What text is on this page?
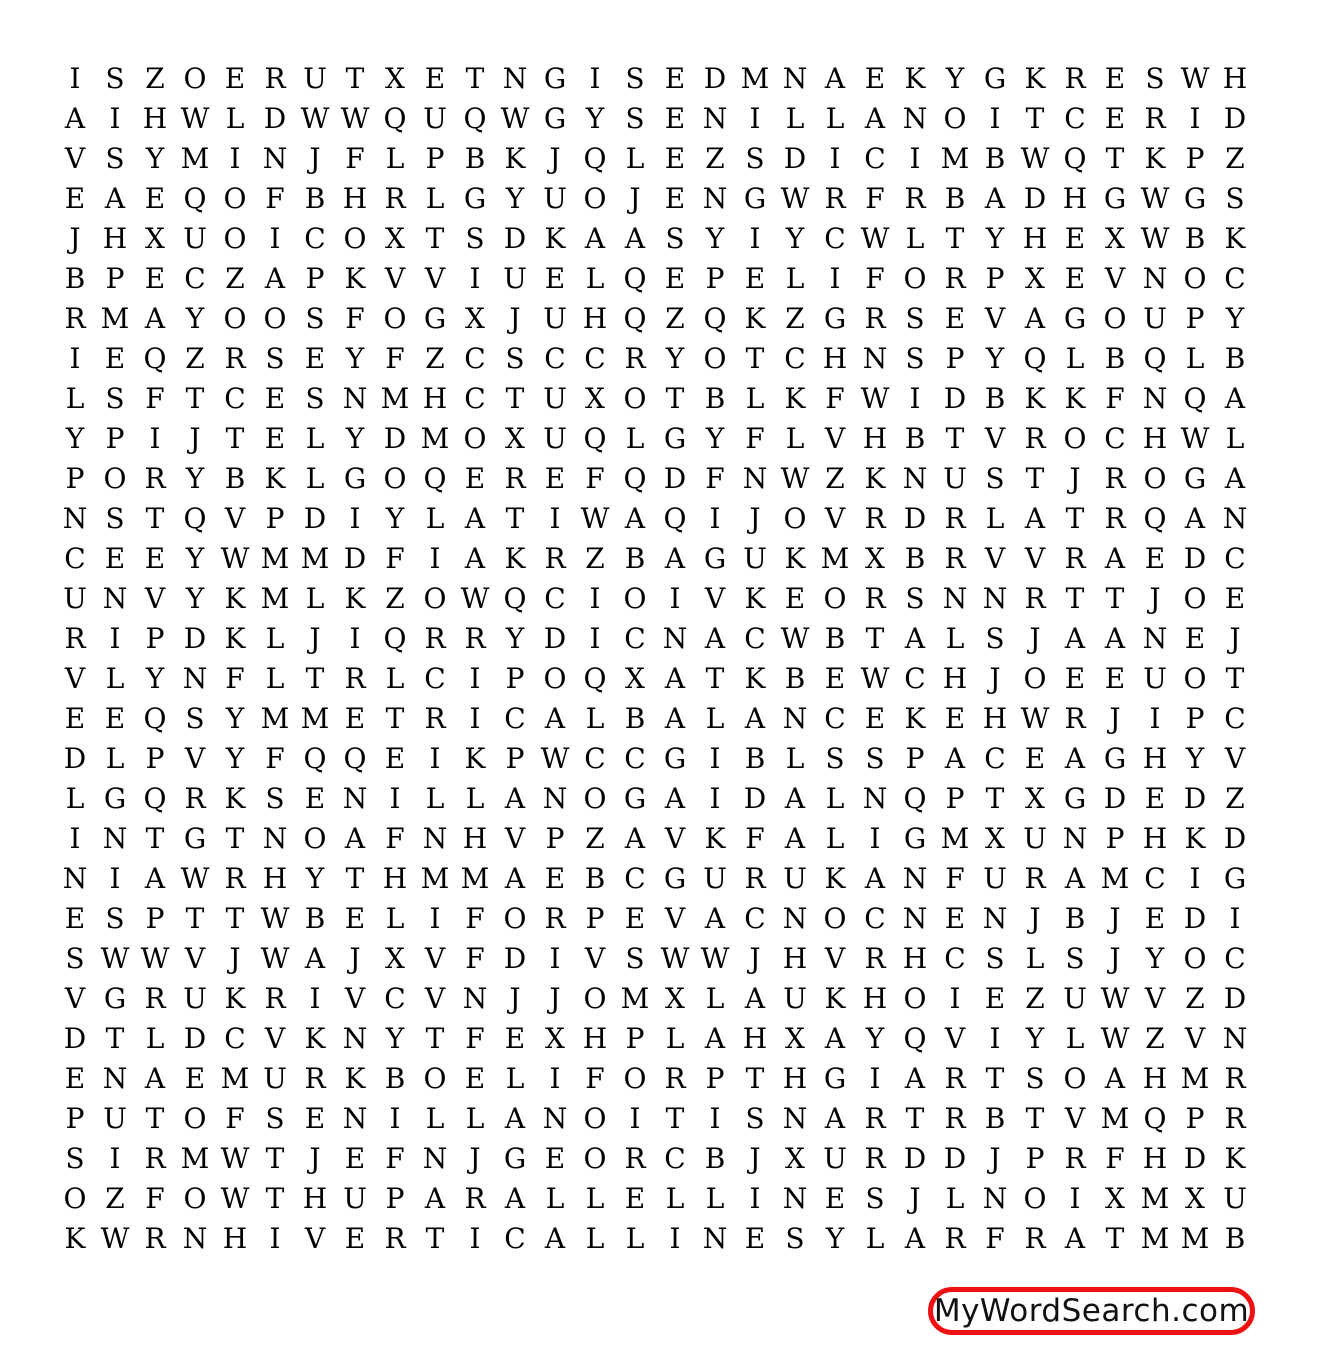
I S Z O E R U T X E T N G I S E D M N A E K Y G K R E S W H
A I H W L D W W Q U Q W G Y S E N I L L A N O I T C E R I D
V S Y M I N J F L P B K J Q L E Z S D I C I M B W Q T K P Z
E A E Q O F B H R L G Y U O J E N G W R F R B A D H G W G S
J H X U O I C O X T S D K A A S Y I Y C W L T Y H E X W B K
B P E C Z A P K V V I U E L Q E P E L I F O R P X E V N O C
R M A Y O O S F O G X J U H Q Z Q K Z G R S E V A G O U P Y
I E Q Z R S E Y F Z C S C C R Y O T C H N S P Y Q L B Q L B
L S F T C E S N M H C T U X O T B L K F W I D B K K F N Q A
Y P I	J T E L Y D M O X U Q L G Y F L V H B T V R O C H W L
P O R Y B K L G O Q E R E F Q D F N W Z K N U S T J R O G A
N S T Q V P D I Y L A T I W A Q I	J O V R D R L A T R Q A N
C E E Y W M M D F I A K R Z B A G U K M X B R V V R A E D C
U N V Y K M L K Z O W Q C I O I V K E O R S N N R T T J O E
R I P D K L J	I Q R R Y D I C N A C W B T A L S J A A N E J
V L Y N F L T R L C I P O Q X A T K B E W C H J O E E U O T
E E Q S Y M M E T R I C A L B A L A N C E K E H W R J	I P C
D L P V Y F Q Q E I K P W C C G I B L S S P A C E A G H Y V
L G Q R K S E N I L L A N O G A I D A L N Q P T X G D E D Z
I N T G T N O A F N H V P Z A V K F A L I G M X U N P H K D
N I A W R H Y T H M M A E B C G U R U K A N F U R A M C I G
E S P T T W B E L I F O R P E V A C N O C N E N J B J E D I
S W W V J W A J X V F D I V S W W J H V R H C S L S J Y O C
V G R U K R I V C V N J	J O M X L A U K H O I E Z U W V Z D
D T L D C V K N Y T F E X H P L A H X A Y Q V I Y L W Z V N
E N A E M U R K B O E L I F O R P T H G I A R T S O A H M R
P U T O F S E N I L L A N O I T I S N A R T R B T V M Q P R
S I R M W T J E F N J G E O R C B J X U R D D J P R F H D K
O Z F O W T H U P A R A L L E L L I N E S J L N O I X M X U
K W R N H I V E R T I C A L L I N E S Y L A R F R A T M M B
MyWordSearch.com
